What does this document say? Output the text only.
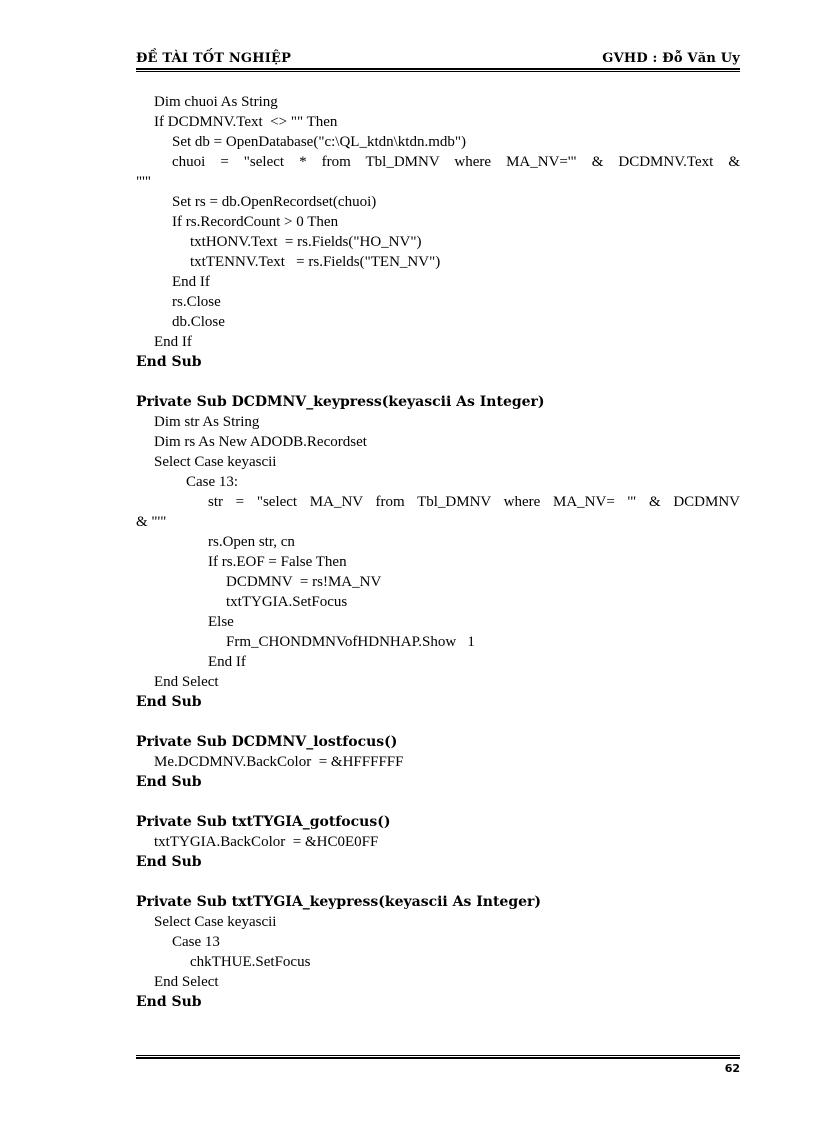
ĐỀ TÀI TỐT NGHIỆP	GVHD : Đỗ Văn Uy
Dim chuoi As String
If DCDMNV.Text  <> "" Then
Set db = OpenDatabase("c:\QL_ktdn\ktdn.mdb")
chuoi = "select * from Tbl_DMNV where MA_NV='" & DCDMNV.Text &
"'"
Set rs = db.OpenRecordset(chuoi)
If rs.RecordCount > 0 Then
txtHONV.Text  = rs.Fields("HO_NV")
txtTENNV.Text   = rs.Fields("TEN_NV")
End If
rs.Close
db.Close
End If
End Sub
Private Sub DCDMNV_keypress(keyascii As Integer)
Dim str As String
Dim rs As New ADODB.Recordset
Select Case keyascii
Case 13:
str = "select MA_NV from Tbl_DMNV where MA_NV= '" & DCDMNV
& "'"
rs.Open str, cn
If rs.EOF = False Then
DCDMNV  = rs!MA_NV
txtTYGIA.SetFocus
Else
Frm_CHONDMNVofHDNHAP.Show   1
End If
End Select
End Sub
Private Sub DCDMNV_lostfocus()
Me.DCDMNV.BackColor  = &HFFFFFF
End Sub
Private Sub txtTYGIA_gotfocus()
txtTYGIA.BackColor  = &HC0E0FF
End Sub
Private Sub txtTYGIA_keypress(keyascii As Integer)
Select Case keyascii
Case 13
chkTHUE.SetFocus
End Select
End Sub
62
